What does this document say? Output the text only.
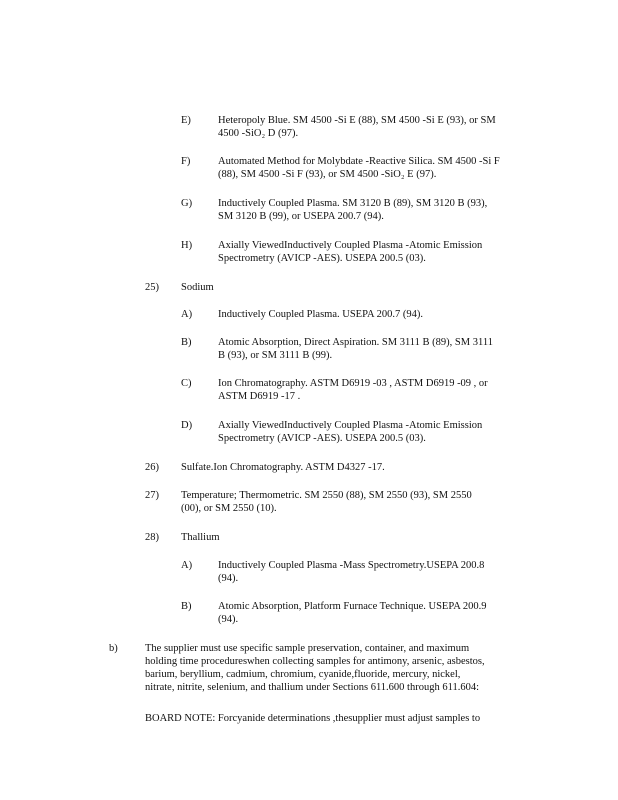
E)	Heteropoly Blue. SM 4500 -Si E (88), SM 4500 -Si E (93), or SM
4500 -SiO₂ D (97).
F)	Automated Method for Molybdate -Reactive Silica. SM 4500 -Si F
(88), SM 4500 -Si F (93), or SM 4500 -SiO₂ E (97).
G) Inductively Coupled Plasma. SM 3120 B (89), SM 3120 B (93),
SM 3120 B (99), or USEPA 200.7 (94).
H) Axially ViewedInductively Coupled Plasma -Atomic Emission
Spectrometry (AVICP -AES). USEPA 200.5 (03).
25) Sodium
A) Inductively Coupled Plasma. USEPA 200.7 (94).
B)	Atomic Absorption, Direct Aspiration. SM 3111 B (89), SM 3111
B (93), or SM 3111 B (99).
C)	Ion Chromatography. ASTM D6919 -03 , ASTM D6919 -09 , or
ASTM D6919 -17 .
D) Axially ViewedInductively Coupled Plasma -Atomic Emission
Spectrometry (AVICP -AES). USEPA 200.5 (03).
26) Sulfate.Ion Chromatography. ASTM D4327 -17.
27) Temperature; Thermometric. SM 2550 (88), SM 2550 (93), SM 2550
(00), or SM 2550 (10).
28) Thallium
A) Inductively Coupled Plasma -Mass Spectrometry.USEPA 200.8
(94).
B)	Atomic Absorption, Platform Furnace Technique. USEPA 200.9
(94).
b)	The supplier must use specific sample preservation, container, and maximum
holding time procedureswhen collecting samples for antimony, arsenic, asbestos,
barium, beryllium, cadmium, chromium, cyanide,fluoride, mercury, nickel,
nitrate, nitrite, selenium, and thallium under Sections 611.600 through 611.604:
BOARD NOTE: Forcyanide determinations ,thesupplier must adjust samples to
